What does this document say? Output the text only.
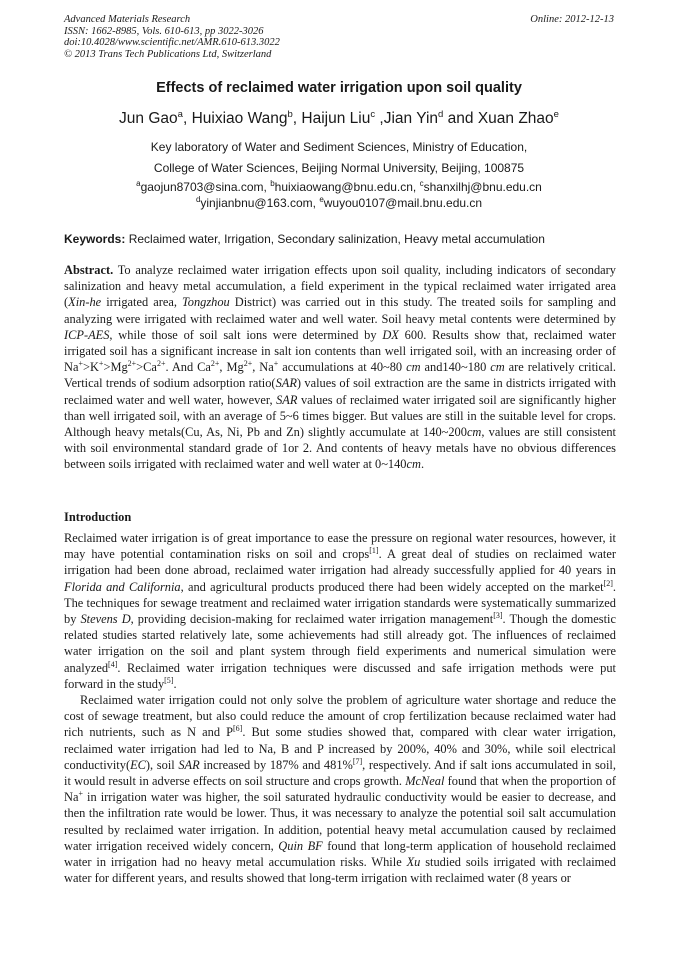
Advanced Materials Research
ISSN: 1662-8985, Vols. 610-613, pp 3022-3026
doi:10.4028/www.scientific.net/AMR.610-613.3022
© 2013 Trans Tech Publications Ltd, Switzerland
Online: 2012-12-13
Effects of reclaimed water irrigation upon soil quality
Jun Gao$^a$, Huixiao Wang$^b$, Haijun Liu$^c$ ,Jian Yin$^d$ and Xuan Zhao$^e$
Key laboratory of Water and Sediment Sciences, Ministry of Education,
College of Water Sciences, Beijing Normal University, Beijing, 100875
$^a$gaojun8703@sina.com, $^b$huixiaowang@bnu.edu.cn, $^c$shanxilhj@bnu.edu.cn
$^d$yinjianbnu@163.com, $^e$wuyou0107@mail.bnu.edu.cn
Keywords: Reclaimed water, Irrigation, Secondary salinization, Heavy metal accumulation
Abstract. To analyze reclaimed water irrigation effects upon soil quality, including indicators of secondary salinization and heavy metal accumulation, a field experiment in the typical reclaimed water irrigated area (Xin-he irrigated area, Tongzhou District) was carried out in this study. The treated soils for sampling and analyzing were irrigated with reclaimed water and well water. Soil heavy metal contents were determined by ICP-AES, while those of soil salt ions were determined by DX 600. Results show that, reclaimed water irrigated soil has a significant increase in salt ion contents than well irrigated soil, with an increasing order of $Na^+>K^+>Mg^{2+}>Ca^{2+}$. And $Ca^{2+}$, $Mg^{2+}$, Na+ accumulations at 40~80 cm and140~180 cm are relatively critical. Vertical trends of sodium adsorption ratio(SAR) values of soil extraction are the same in districts irrigated with reclaimed water and well water, however, SAR values of reclaimed water irrigated soil are significantly higher than well irrigated soil, with an average of 5~6 times bigger. But values are still in the suitable level for crops. Although heavy metals(Cu, As, Ni, Pb and Zn) slightly accumulate at 140~200cm, values are still consistent with soil environmental standard grade of 1or 2. And contents of heavy metals have no obvious differences between soils irrigated with reclaimed water and well water at 0~140cm.
Introduction

Reclaimed water irrigation is of great importance to ease the pressure on regional water resources, however, it may have potential contamination risks on soil and crops[1]. A great deal of studies on reclaimed water irrigation had been done abroad, reclaimed water irrigation had already successfully applied for 40 years in Florida and California, and agricultural products produced there had been widely accepted on the market[2]. The techniques for sewage treatment and reclaimed water irrigation standards were systematically summarized by Stevens D, providing decision-making for reclaimed water irrigation management[3]. Though the domestic related studies started relatively late, some achievements had still already got. The influences of reclaimed water irrigation on the soil and plant system through field experiments and numerical simulation were analyzed[4]. Reclaimed water irrigation techniques were discussed and safe irrigation methods were put forward in the study[5].

Reclaimed water irrigation could not only solve the problem of agriculture water shortage and reduce the cost of sewage treatment, but also could reduce the amount of crop fertilization because reclaimed water had rich nutrients, such as N and P[6]. But some studies showed that, compared with clear water irrigation, reclaimed water irrigation had led to Na, B and P increased by 200%, 40% and 30%, while soil electrical conductivity(EC), soil SAR increased by 187% and 481%[7], respectively. And if salt ions accumulated in soil, it would result in adverse effects on soil structure and crops growth. McNeal found that when the proportion of Na+ in irrigation water was higher, the soil saturated hydraulic conductivity would be easier to decrease, and then the infiltration rate would be lower. Thus, it was necessary to analyze the potential soil salt accumulation resulted by reclaimed water irrigation. In addition, potential heavy metal accumulation caused by reclaimed water irrigation received widely concern, Quin BF found that long-term application of household reclaimed water in irrigation had no heavy metal accumulation risks. While Xu studied soils irrigated with reclaimed water for different years, and results showed that long-term irrigation with reclaimed water (8 years or
